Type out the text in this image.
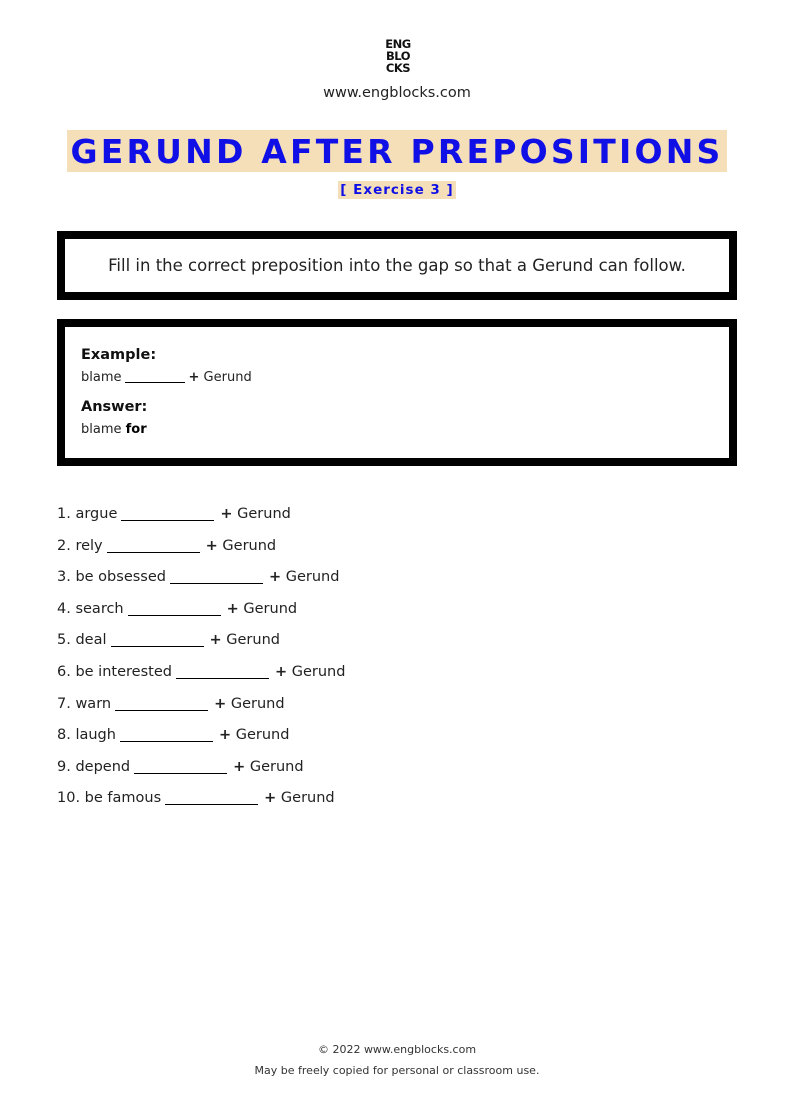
ENG
BLO
CKS
www.engblocks.com
GERUND AFTER PREPOSITIONS
[ Exercise 3 ]
Fill in the correct preposition into the gap so that a Gerund can follow.
Example:
blame	+ Gerund
Answer:
blame for
1. argue	+ Gerund
2. rely	+ Gerund
3. be obsessed	+ Gerund
4. search	+ Gerund
5. deal	+ Gerund
6. be interested	+ Gerund
7. warn	+ Gerund
8. laugh	+ Gerund
9. depend	+ Gerund
10. be famous	+ Gerund
© 2022 www.engblocks.com
May be freely copied for personal or classroom use.
